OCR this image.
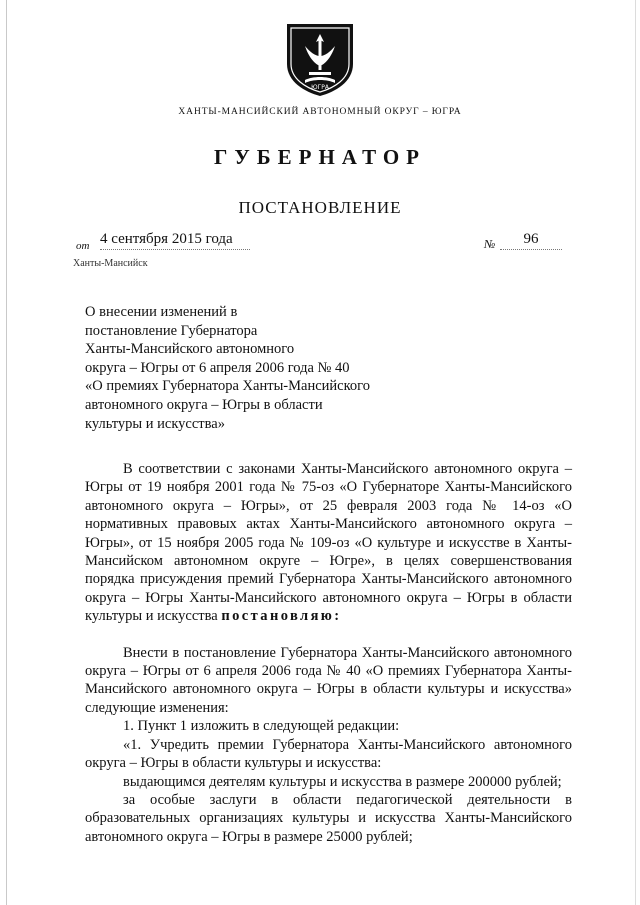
ЮГРА
ХАНТЫ-МАНСИЙСКИЙ АВТОНОМНЫЙ ОКРУГ – ЮГРА
ГУБЕРНАТОР
ПОСТАНОВЛЕНИЕ
от 4 сентября 2015 года	№	96
Ханты-Мансийск
О внесении изменений в
постановление Губернатора
Ханты-Мансийского автономного
округа – Югры от 6 апреля 2006 года № 40
«О премиях Губернатора Ханты-Мансийского
автономного округа – Югры в области
культуры и искусства»

В соответствии с законами Ханты-Мансийского автономного округа – Югры от 19 ноября 2001 года № 75-оз «О Губернаторе Ханты-Мансийского автономного округа – Югры», от 25 февраля 2003 года № 14-оз «О нормативных правовых актах Ханты-Мансийского автономного округа – Югры», от 15 ноября 2005 года № 109-оз «О культуре и искусстве в Ханты-Мансийском автономном округе – Югре», в целях совершенствования порядка присуждения премий Губернатора Ханты-Мансийского автономного округа – Югры Ханты-Мансийского автономного округа – Югры в области культуры и искусства постановляю:

Внести в постановление Губернатора Ханты-Мансийского автономного округа – Югры от 6 апреля 2006 года № 40 «О премиях Губернатора Ханты-Мансийского автономного округа – Югры в области культуры и искусства» следующие изменения:

1. Пункт 1 изложить в следующей редакции:

«1. Учредить премии Губернатора Ханты-Мансийского автономного округа – Югры в области культуры и искусства:

выдающимся деятелям культуры и искусства в размере 200000 рублей;

за особые заслуги в области педагогической деятельности в образовательных организациях культуры и искусства Ханты-Мансийского автономного округа – Югры в размере 25000 рублей;
